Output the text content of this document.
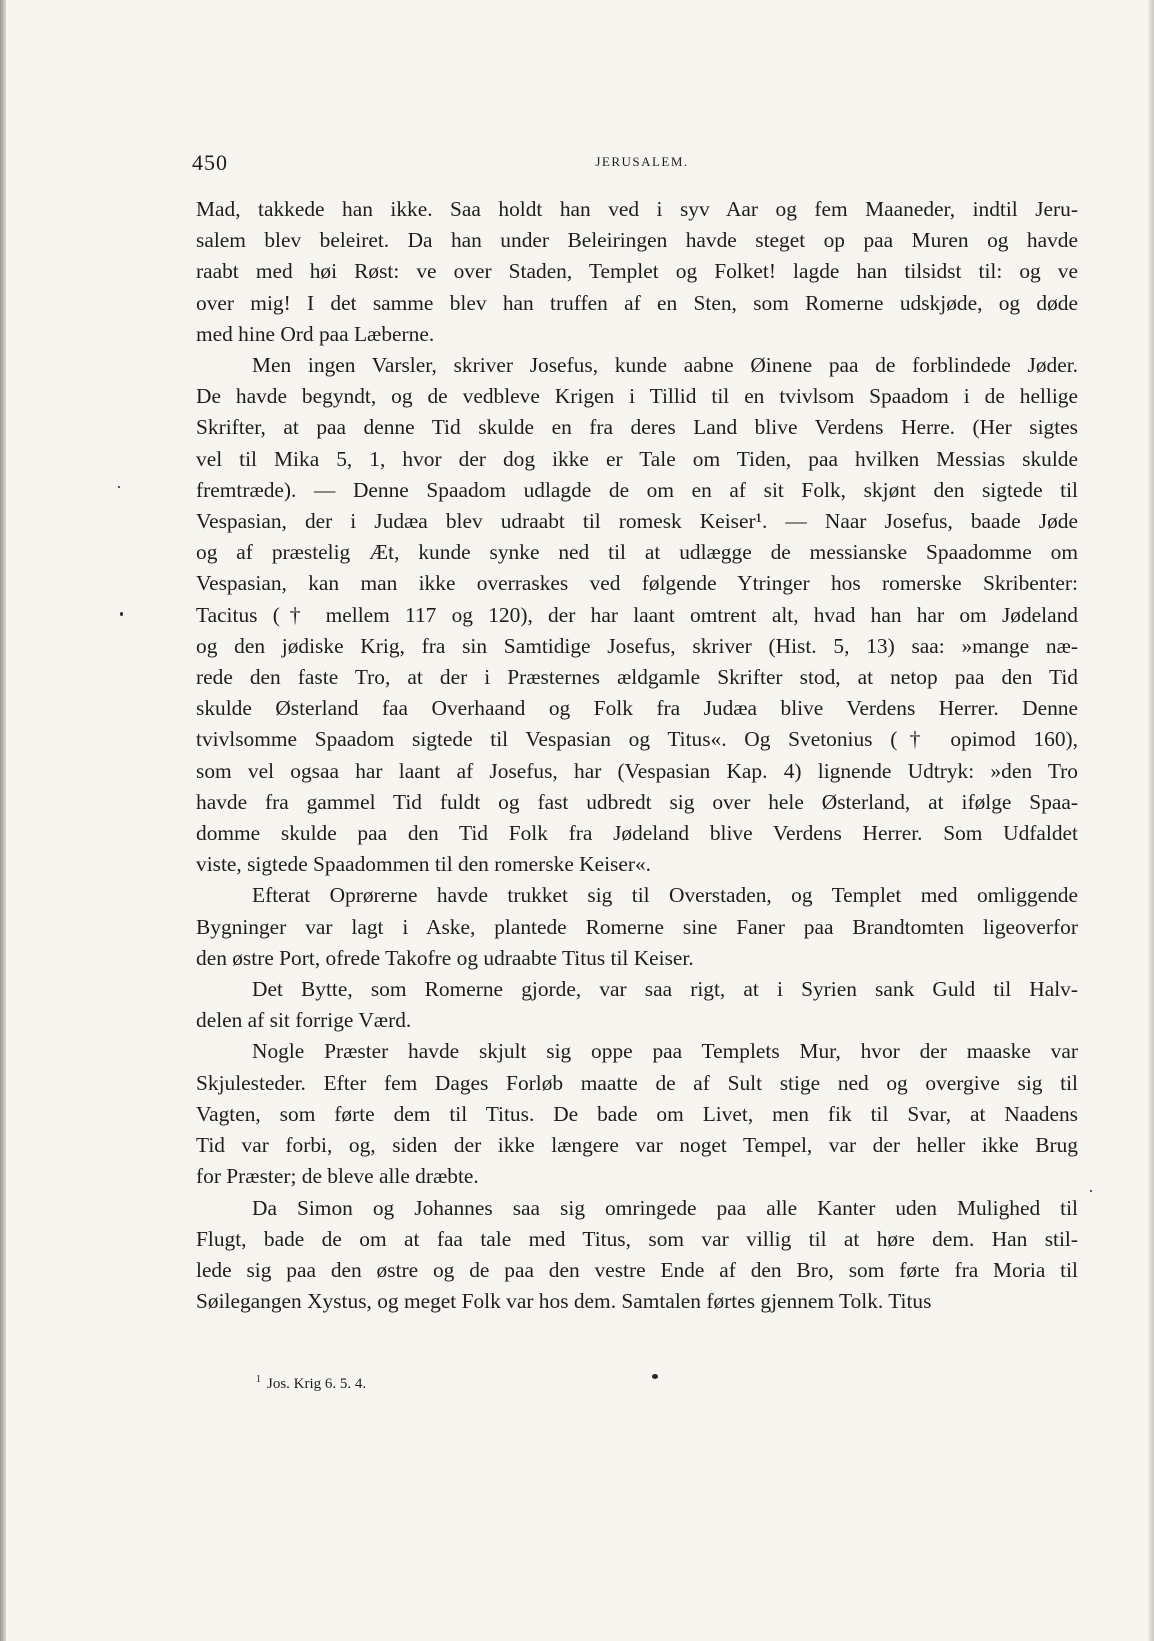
450	JERUSALEM.

Mad, takkede han ikke. Saa holdt han ved i syv Aar og fem Maaneder, indtil Jeru-
salem blev beleiret. Da han under Beleiringen havde steget op paa Muren og havde
raabt med høi Røst: ve over Staden, Templet og Folket! lagde han tilsidst til: og ve
over mig! I det samme blev han truffen af en Sten, som Romerne udskjøde, og døde
med hine Ord paa Læberne.

Men ingen Varsler, skriver Josefus, kunde aabne Øinene paa de forblindede Jøder.
De havde begyndt, og de vedbleve Krigen i Tillid til en tvivlsom Spaadom i de hellige
Skrifter, at paa denne Tid skulde en fra deres Land blive Verdens Herre. (Her sigtes
vel til Mika 5, 1, hvor der dog ikke er Tale om Tiden, paa hvilken Messias skulde
fremtræde). — Denne Spaadom udlagde de om en af sit Folk, skjønt den sigtede til
Vespasian, der i Judæa blev udraabt til romesk Keiser¹. — Naar Josefus, baade Jøde
og af præstelig Æt, kunde synke ned til at udlægge de messianske Spaadomme om
Vespasian, kan man ikke overraskes ved følgende Ytringer hos romerske Skribenter:
Tacitus († mellem 117 og 120), der har laant omtrent alt, hvad han har om Jødeland
og den jødiske Krig, fra sin Samtidige Josefus, skriver (Hist. 5, 13) saa: »mange næ-
rede den faste Tro, at der i Præsternes ældgamle Skrifter stod, at netop paa den Tid
skulde Østerland faa Overhaand og Folk fra Judæa blive Verdens Herrer. Denne
tvivlsomme Spaadom sigtede til Vespasian og Titus«. Og Svetonius († opimod 160),
som vel ogsaa har laant af Josefus, har (Vespasian Kap. 4) lignende Udtryk: »den Tro
havde fra gammel Tid fuldt og fast udbredt sig over hele Østerland, at ifølge Spaa-
domme skulde paa den Tid Folk fra Jødeland blive Verdens Herrer. Som Udfaldet
viste, sigtede Spaadommen til den romerske Keiser«.

Efterat Oprørerne havde trukket sig til Overstaden, og Templet med omliggende
Bygninger var lagt i Aske, plantede Romerne sine Faner paa Brandtomten ligeoverfor
den østre Port, ofrede Takofre og udraabte Titus til Keiser.

Det Bytte, som Romerne gjorde, var saa rigt, at i Syrien sank Guld til Halv-
delen af sit forrige Værd.

Nogle Præster havde skjult sig oppe paa Templets Mur, hvor der maaske var
Skjulesteder. Efter fem Dages Forløb maatte de af Sult stige ned og overgive sig til
Vagten, som førte dem til Titus. De bade om Livet, men fik til Svar, at Naadens
Tid var forbi, og, siden der ikke længere var noget Tempel, var der heller ikke Brug
for Præster; de bleve alle dræbte.

Da Simon og Johannes saa sig omringede paa alle Kanter uden Mulighed til
Flugt, bade de om at faa tale med Titus, som var villig til at høre dem. Han stil-
lede sig paa den østre og de paa den vestre Ende af den Bro, som førte fra Moria til
Søilegangen Xystus, og meget Folk var hos dem. Samtalen førtes gjennem Tolk. Titus

$^1$ Jos. Krig 6. 5. 4.
